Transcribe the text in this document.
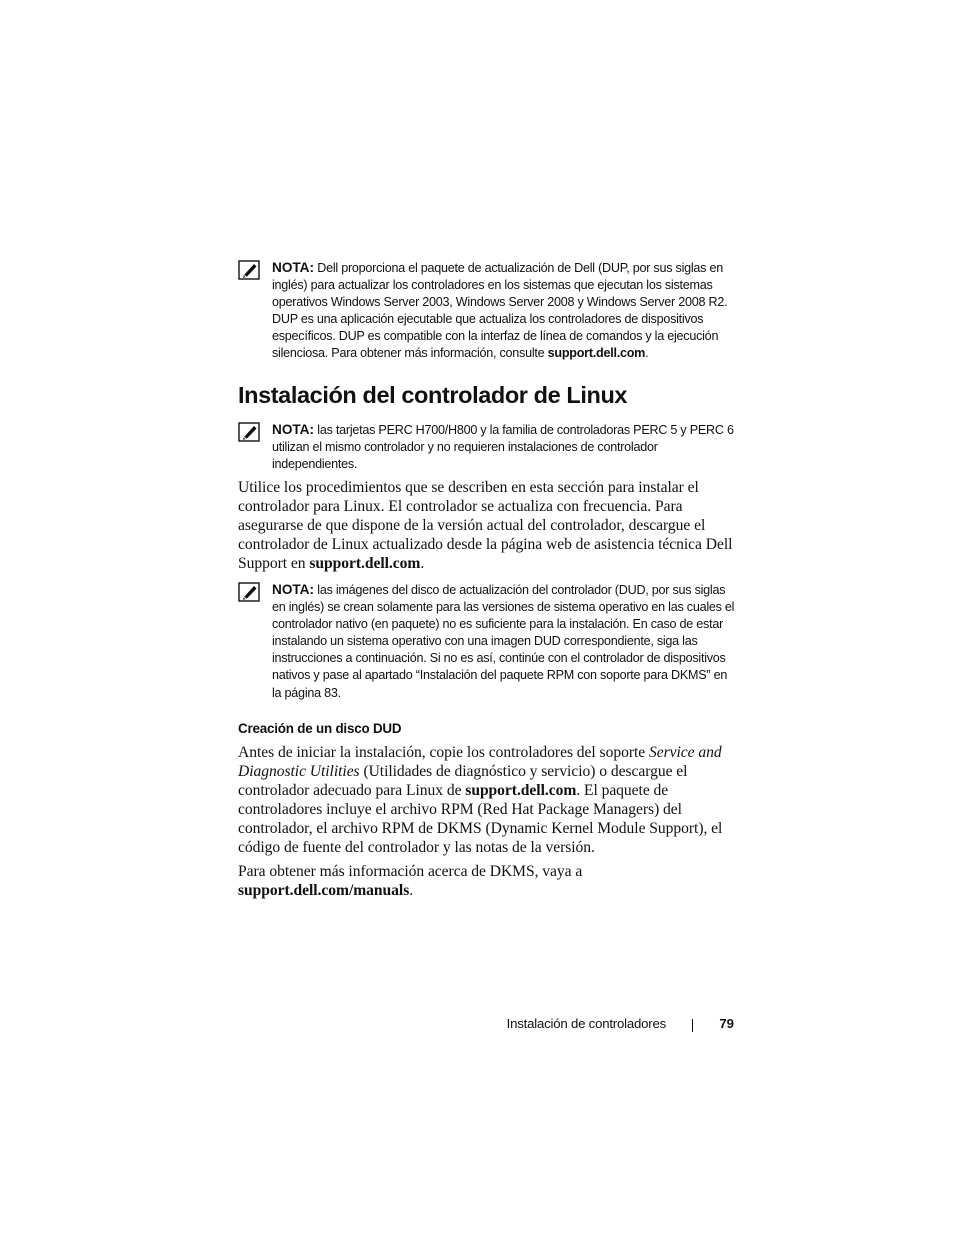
NOTA: Dell proporciona el paquete de actualización de Dell (DUP, por sus siglas en inglés) para actualizar los controladores en los sistemas que ejecutan los sistemas operativos Windows Server 2003, Windows Server 2008 y Windows Server 2008 R2. DUP es una aplicación ejecutable que actualiza los controladores de dispositivos específicos. DUP es compatible con la interfaz de línea de comandos y la ejecución silenciosa. Para obtener más información, consulte support.dell.com.
Instalación del controlador de Linux
NOTA: las tarjetas PERC H700/H800 y la familia de controladoras PERC 5 y PERC 6 utilizan el mismo controlador y no requieren instalaciones de controlador independientes.

Utilice los procedimientos que se describen en esta sección para instalar el controlador para Linux. El controlador se actualiza con frecuencia. Para asegurarse de que dispone de la versión actual del controlador, descargue el controlador de Linux actualizado desde la página web de asistencia técnica Dell Support en support.dell.com.

NOTA: las imágenes del disco de actualización del controlador (DUD, por sus siglas en inglés) se crean solamente para las versiones de sistema operativo en las cuales el controlador nativo (en paquete) no es suficiente para la instalación. En caso de estar instalando un sistema operativo con una imagen DUD correspondiente, siga las instrucciones a continuación. Si no es así, continúe con el controlador de dispositivos nativos y pase al apartado “Instalación del paquete RPM con soporte para DKMS” en la página 83.
Creación de un disco DUD

Antes de iniciar la instalación, copie los controladores del soporte Service and Diagnostic Utilities (Utilidades de diagnóstico y servicio) o descargue el controlador adecuado para Linux de support.dell.com. El paquete de controladores incluye el archivo RPM (Red Hat Package Managers) del controlador, el archivo RPM de DKMS (Dynamic Kernel Module Support), el código de fuente del controlador y las notas de la versión.

Para obtener más información acerca de DKMS, vaya a support.dell.com/manuals.

Instalación de controladores	79
